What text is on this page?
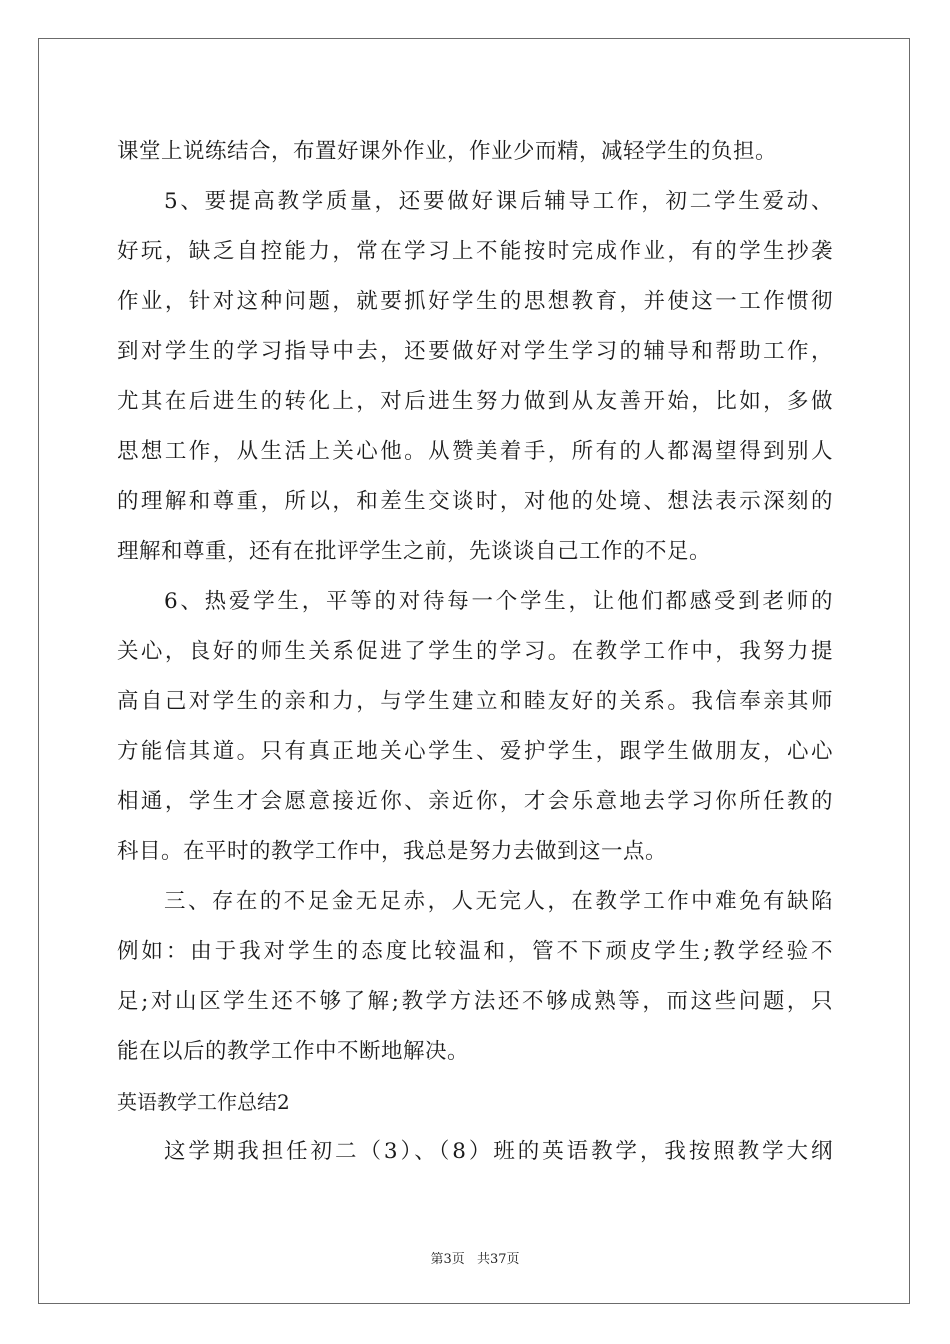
课堂上说练结合，布置好课外作业，作业少而精，减轻学生的负担。
5、要提高教学质量，还要做好课后辅导工作，初二学生爱动、
好玩，缺乏自控能力，常在学习上不能按时完成作业，有的学生抄袭
作业，针对这种问题，就要抓好学生的思想教育，并使这一工作惯彻
到对学生的学习指导中去，还要做好对学生学习的辅导和帮助工作，
尤其在后进生的转化上，对后进生努力做到从友善开始，比如，多做
思想工作，从生活上关心他。从赞美着手，所有的人都渴望得到别人
的理解和尊重，所以，和差生交谈时，对他的处境、想法表示深刻的
理解和尊重，还有在批评学生之前，先谈谈自己工作的不足。
6、热爱学生，平等的对待每一个学生，让他们都感受到老师的
关心，良好的师生关系促进了学生的学习。在教学工作中，我努力提
高自己对学生的亲和力，与学生建立和睦友好的关系。我信奉亲其师
方能信其道。只有真正地关心学生、爱护学生，跟学生做朋友，心心
相通，学生才会愿意接近你、亲近你，才会乐意地去学习你所任教的
科目。在平时的教学工作中，我总是努力去做到这一点。
三、存在的不足金无足赤，人无完人，在教学工作中难免有缺陷
例如：由于我对学生的态度比较温和，管不下顽皮学生;教学经验不
足;对山区学生还不够了解;教学方法还不够成熟等，而这些问题，只
能在以后的教学工作中不断地解决。
英语教学工作总结2
这学期我担任初二（3）、（8）班的英语教学，我按照教学大纲
第3页 共37页
